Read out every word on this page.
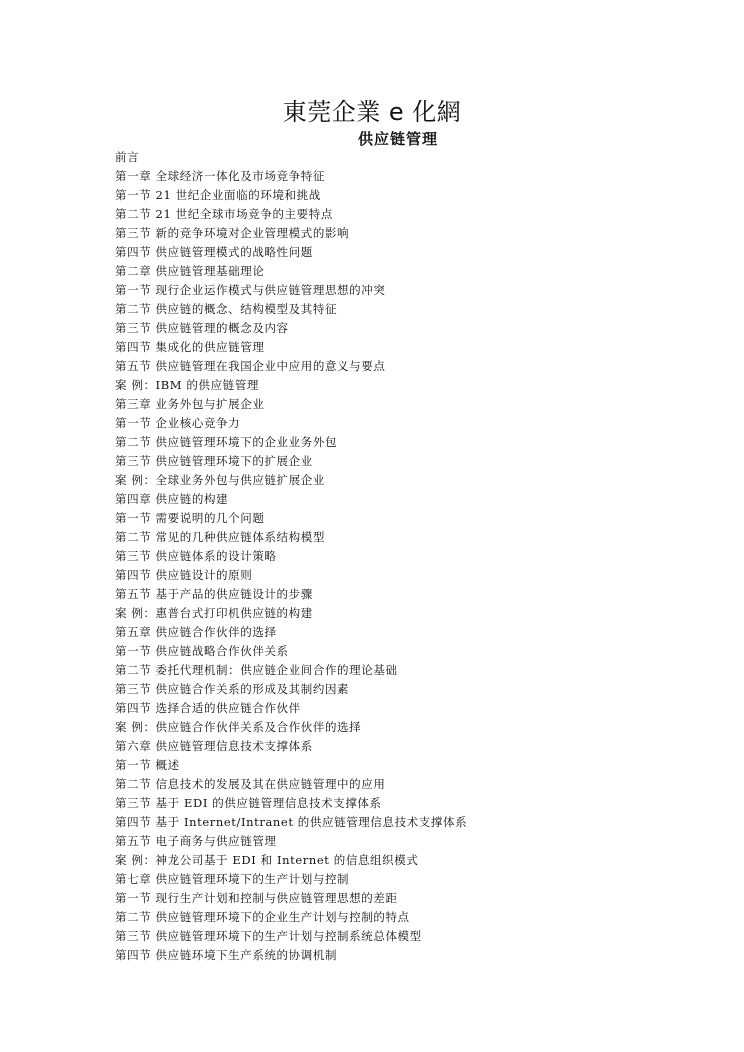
東莞企業 e 化網
供应链管理
前言
第一章 全球经济一体化及市场竞争特征
第一节 21 世纪企业面临的环境和挑战
第二节 21 世纪全球市场竞争的主要特点
第三节 新的竞争环境对企业管理模式的影响
第四节 供应链管理模式的战略性问题
第二章 供应链管理基础理论
第一节 现行企业运作模式与供应链管理思想的冲突
第二节 供应链的概念、结构模型及其特征
第三节 供应链管理的概念及内容
第四节 集成化的供应链管理
第五节 供应链管理在我国企业中应用的意义与要点
案 例：IBM 的供应链管理
第三章 业务外包与扩展企业
第一节 企业核心竞争力
第二节 供应链管理环境下的企业业务外包
第三节 供应链管理环境下的扩展企业
案 例：全球业务外包与供应链扩展企业
第四章 供应链的构建
第一节 需要说明的几个问题
第二节 常见的几种供应链体系结构模型
第三节 供应链体系的设计策略
第四节 供应链设计的原则
第五节 基于产品的供应链设计的步骤
案 例：惠普台式打印机供应链的构建
第五章 供应链合作伙伴的选择
第一节 供应链战略合作伙伴关系
第二节 委托代理机制：供应链企业间合作的理论基础
第三节 供应链合作关系的形成及其制约因素
第四节 选择合适的供应链合作伙伴
案 例：供应链合作伙伴关系及合作伙伴的选择
第六章 供应链管理信息技术支撑体系
第一节 概述
第二节 信息技术的发展及其在供应链管理中的应用
第三节 基于 EDI 的供应链管理信息技术支撑体系
第四节 基于 Internet/Intranet 的供应链管理信息技术支撑体系
第五节 电子商务与供应链管理
案 例：神龙公司基于 EDI 和 Internet 的信息组织模式
第七章 供应链管理环境下的生产计划与控制
第一节 现行生产计划和控制与供应链管理思想的差距
第二节 供应链管理环境下的企业生产计划与控制的特点
第三节 供应链管理环境下的生产计划与控制系统总体模型
第四节 供应链环境下生产系统的协调机制
